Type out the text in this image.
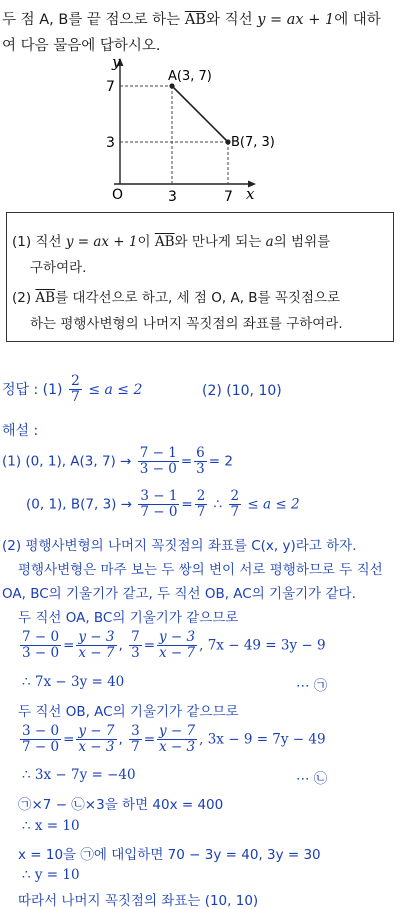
두 점 A, B를 끝 점으로 하는 $\overline{AB}$와 직선 y = ax + 1에 대하
여 다음 물음에 답하시오.
y
x
O
7
3
3	7
A(3, 7)
B(7, 3)
(1) 직선 y = ax + 1이 $\overline{AB}$와 만나게 되는 a의 범위를
구하여라.
(2) $\overline{AB}$를 대각선으로 하고, 세 점 O, A, B를 꼭짓점으로
하는 평행사변형의 나머지 꼭짓점의 좌표를 구하여라.
정답 : $(1) \frac{2}{7} \le a \le 2$	(2) (10, 10)
해설 :
(1) (0, 1), A(3, $7) \to \frac{7 - 1}{3 - 0} = \frac{6}{3} = 2$
(0, 1), B(7, $3) \to \frac{3 - 1}{7 - 0} = \frac{2}{7}$ ∴ $\frac{2}{7} \le a \le 2$
(2) 평행사변형의 나머지 꼭짓점의 좌표를 C(x, y)라고 하자.
평행사변형은 마주 보는 두 쌍의 변이 서로 평행하므로 두 직선
OA, BC의 기울기가 같고, 두 직선 OB, AC의 기울기가 같다.
두 직선 OA, BC의 기울기가 같으므로
$\frac{7 - 0}{3 - 0} = \frac{y - 3}{x - 7}$ , $\frac{7}{3} = \frac{y - 3}{x - 7}$ , 7x − 49 = 3y − 9
∴ 7x − 3y = 40	⋯ ㉠
두 직선 OB, AC의 기울기가 같으므로
$\frac{3 - 0}{7 - 0} = \frac{y - 7}{x - 3}$ , $\frac{3}{7} = \frac{y - 7}{x - 3}$ , 3x − 9 = 7y − 49
∴ 3x − 7y = −40	⋯ ㉡
㉠×7 − ㉡×3을 하면 40x = 400
∴ x = 10
x = 10을 ㉠에 대입하면 70 − 3y = 40, 3y = 30
∴ y = 10
따라서 나머지 꼭짓점의 좌표는 (10, 10)
